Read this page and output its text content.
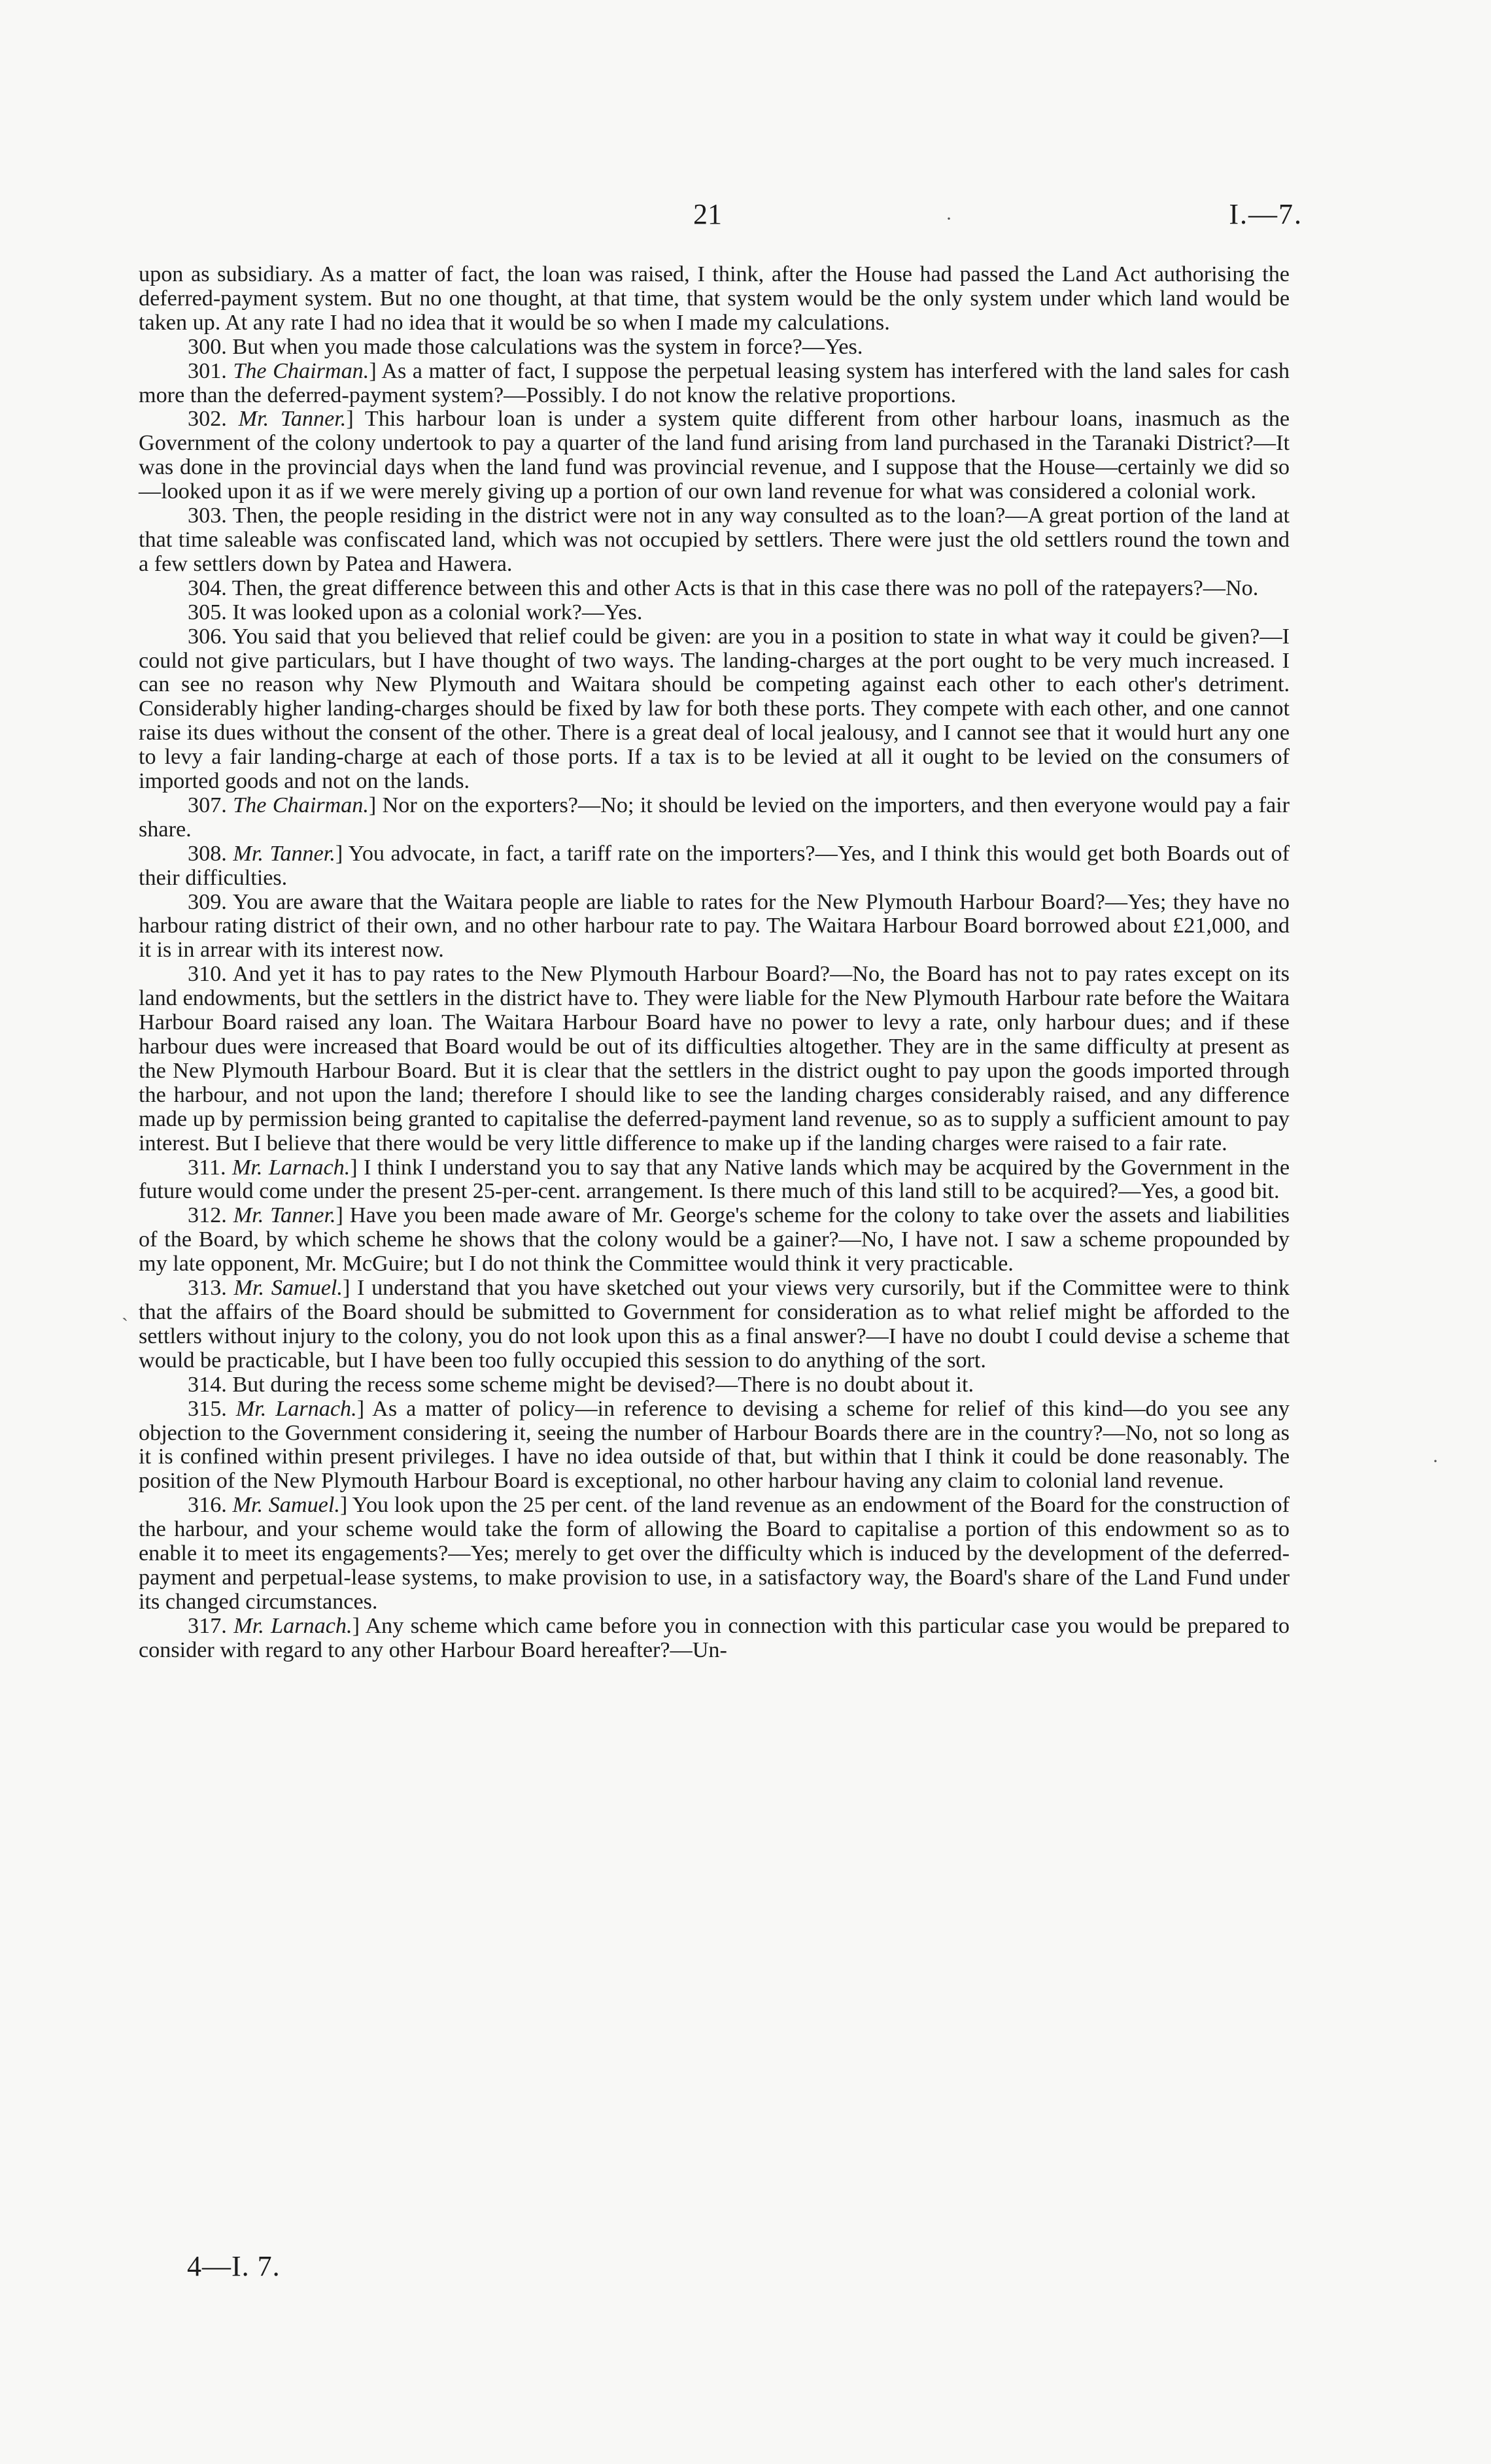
21	I.—7.
·
ˋ
·

upon as subsidiary. As a matter of fact, the loan was raised, I think, after the House had passed the Land Act authorising the deferred-payment system. But no one thought, at that time, that system would be the only system under which land would be taken up. At any rate I had no idea that it would be so when I made my calculations.

300. But when you made those calculations was the system in force?—Yes.

301. The Chairman.] As a matter of fact, I suppose the perpetual leasing system has interfered with the land sales for cash more than the deferred-payment system?—Possibly. I do not know the relative proportions.

302. Mr. Tanner.] This harbour loan is under a system quite different from other harbour loans, inasmuch as the Government of the colony undertook to pay a quarter of the land fund arising from land purchased in the Taranaki District?—It was done in the provincial days when the land fund was provincial revenue, and I suppose that the House—certainly we did so—looked upon it as if we were merely giving up a portion of our own land revenue for what was considered a colonial work.

303. Then, the people residing in the district were not in any way consulted as to the loan?—A great portion of the land at that time saleable was confiscated land, which was not occupied by settlers. There were just the old settlers round the town and a few settlers down by Patea and Hawera.

304. Then, the great difference between this and other Acts is that in this case there was no poll of the ratepayers?—No.

305. It was looked upon as a colonial work?—Yes.

306. You said that you believed that relief could be given: are you in a position to state in what way it could be given?—I could not give particulars, but I have thought of two ways. The landing-charges at the port ought to be very much increased. I can see no reason why New Plymouth and Waitara should be competing against each other to each other's detriment. Considerably higher landing-charges should be fixed by law for both these ports. They compete with each other, and one cannot raise its dues without the consent of the other. There is a great deal of local jealousy, and I cannot see that it would hurt any one to levy a fair landing-charge at each of those ports. If a tax is to be levied at all it ought to be levied on the consumers of imported goods and not on the lands.

307. The Chairman.] Nor on the exporters?—No; it should be levied on the importers, and then everyone would pay a fair share.

308. Mr. Tanner.] You advocate, in fact, a tariff rate on the importers?—Yes, and I think this would get both Boards out of their difficulties.

309. You are aware that the Waitara people are liable to rates for the New Plymouth Harbour Board?—Yes; they have no harbour rating district of their own, and no other harbour rate to pay. The Waitara Harbour Board borrowed about £21,000, and it is in arrear with its interest now.

310. And yet it has to pay rates to the New Plymouth Harbour Board?—No, the Board has not to pay rates except on its land endowments, but the settlers in the district have to. They were liable for the New Plymouth Harbour rate before the Waitara Harbour Board raised any loan. The Waitara Harbour Board have no power to levy a rate, only harbour dues; and if these harbour dues were increased that Board would be out of its difficulties altogether. They are in the same difficulty at present as the New Plymouth Harbour Board. But it is clear that the settlers in the district ought to pay upon the goods imported through the harbour, and not upon the land; therefore I should like to see the landing charges considerably raised, and any difference made up by permission being granted to capitalise the deferred-payment land revenue, so as to supply a sufficient amount to pay interest. But I believe that there would be very little difference to make up if the landing charges were raised to a fair rate.

311. Mr. Larnach.] I think I understand you to say that any Native lands which may be acquired by the Government in the future would come under the present 25-per-cent. arrangement. Is there much of this land still to be acquired?—Yes, a good bit.

312. Mr. Tanner.] Have you been made aware of Mr. George's scheme for the colony to take over the assets and liabilities of the Board, by which scheme he shows that the colony would be a gainer?—No, I have not. I saw a scheme propounded by my late opponent, Mr. McGuire; but I do not think the Committee would think it very practicable.

313. Mr. Samuel.] I understand that you have sketched out your views very cursorily, but if the Committee were to think that the affairs of the Board should be submitted to Government for consideration as to what relief might be afforded to the settlers without injury to the colony, you do not look upon this as a final answer?—I have no doubt I could devise a scheme that would be practicable, but I have been too fully occupied this session to do anything of the sort.

314. But during the recess some scheme might be devised?—There is no doubt about it.

315. Mr. Larnach.] As a matter of policy—in reference to devising a scheme for relief of this kind—do you see any objection to the Government considering it, seeing the number of Harbour Boards there are in the country?—No, not so long as it is confined within present privileges. I have no idea outside of that, but within that I think it could be done reasonably. The position of the New Plymouth Harbour Board is exceptional, no other harbour having any claim to colonial land revenue.

316. Mr. Samuel.] You look upon the 25 per cent. of the land revenue as an endowment of the Board for the construction of the harbour, and your scheme would take the form of allowing the Board to capitalise a portion of this endowment so as to enable it to meet its engagements?—Yes; merely to get over the difficulty which is induced by the development of the deferred-payment and perpetual-lease systems, to make provision to use, in a satisfactory way, the Board's share of the Land Fund under its changed circumstances.

317. Mr. Larnach.] Any scheme which came before you in connection with this particular case you would be prepared to consider with regard to any other Harbour Board hereafter?—Un-

4—I. 7.
